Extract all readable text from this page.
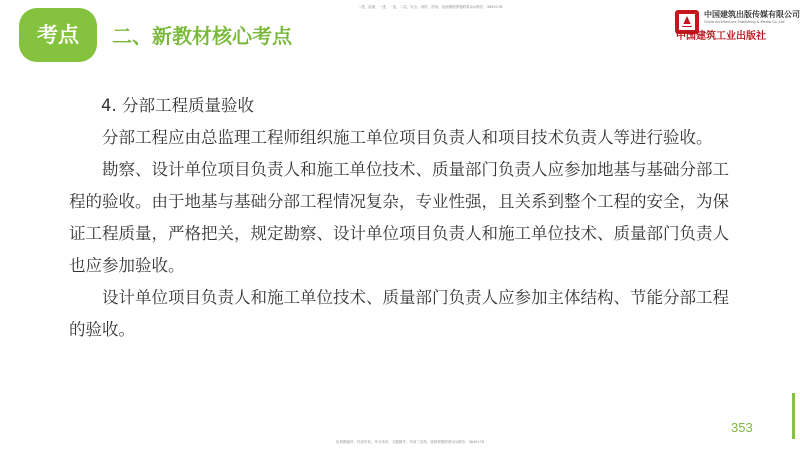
考点	二、新教材核心考点
二建、监理、一建、一造、二造、安全、消防、咨询、检测课程押题联系QQ/微信：3849178
中国建筑出版传媒有限公司
China Architecture Publishing & Media Co.,Ltd
中国建筑工业出版社

4. 分部工程质量验收

分部工程应由总监理工程师组织施工单位项目负责人和项目技术负责人等进行验收。

勘察、设计单位项目负责人和施工单位技术、质量部门负责人应参加地基与基础分部工程的验收。由于地基与基础分部工程情况复杂，专业性强，且关系到整个工程的安全，为保证工程质量，严格把关，规定勘察、设计单位项目负责人和施工单位技术、质量部门负责人也应参加验收。

设计单位项目负责人和施工单位技术、质量部门负责人应参加主体结构、节能分部工程的验收。

353
包押题辅导、内部内训、考点串讲、习题精考、考前三页纸、统使押题联系QQ/微信：3849178
